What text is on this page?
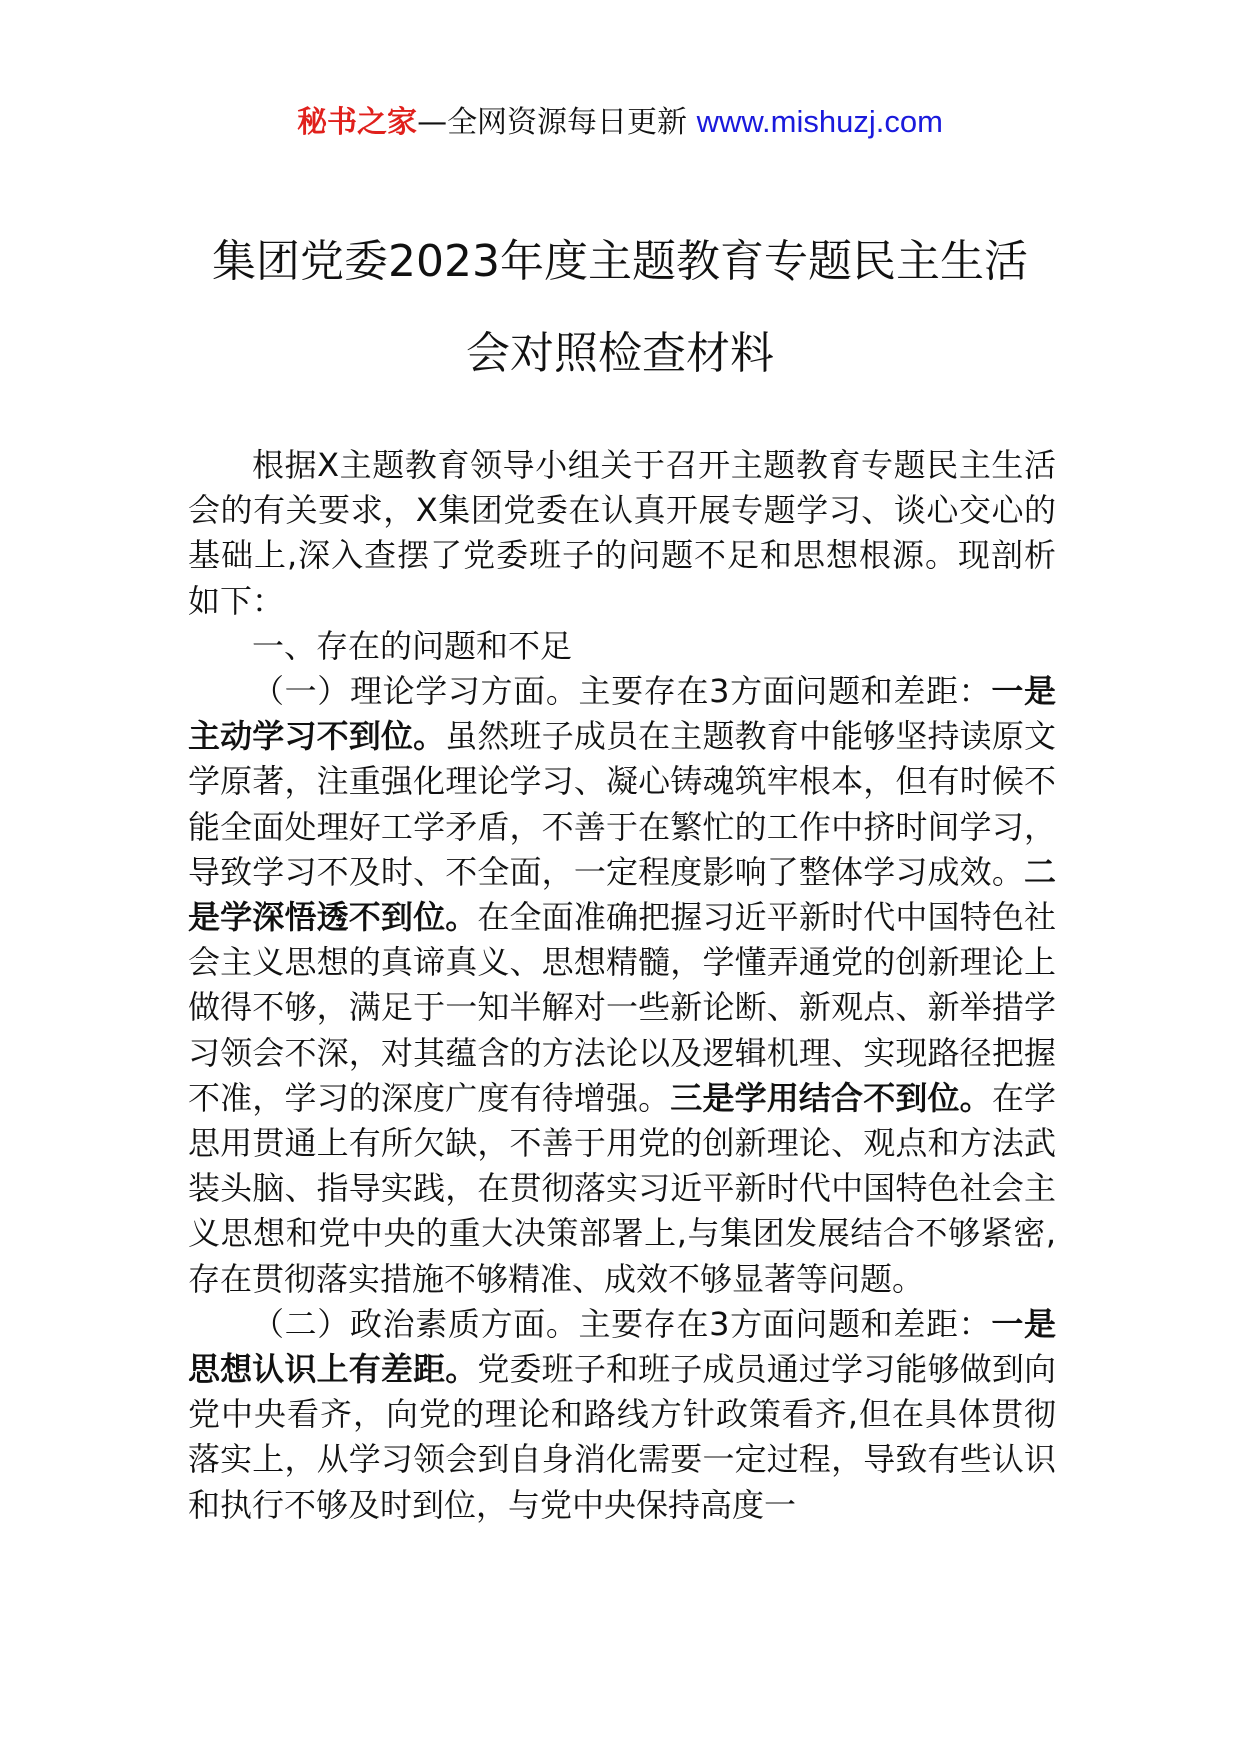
秘书之家—全网资源每日更新 www.mishuzj.com
集团党委2023年度主题教育专题民主生活
会对照检查材料

根据X主题教育领导小组关于召开主题教育专题民主生活会的有关要求，X集团党委在认真开展专题学习、谈心交心的基础上,深入查摆了党委班子的问题不足和思想根源。现剖析如下：

一、存在的问题和不足

（一）理论学习方面。主要存在3方面问题和差距：一是主动学习不到位。虽然班子成员在主题教育中能够坚持读原文学原著，注重强化理论学习、凝心铸魂筑牢根本，但有时候不能全面处理好工学矛盾，不善于在繁忙的工作中挤时间学习，导致学习不及时、不全面，一定程度影响了整体学习成效。二是学深悟透不到位。在全面准确把握习近平新时代中国特色社会主义思想的真谛真义、思想精髓，学懂弄通党的创新理论上做得不够，满足于一知半解对一些新论断、新观点、新举措学习领会不深，对其蕴含的方法论以及逻辑机理、实现路径把握不准，学习的深度广度有待增强。三是学用结合不到位。在学思用贯通上有所欠缺，不善于用党的创新理论、观点和方法武装头脑、指导实践，在贯彻落实习近平新时代中国特色社会主义思想和党中央的重大决策部署上,与集团发展结合不够紧密,存在贯彻落实措施不够精准、成效不够显著等问题。

（二）政治素质方面。主要存在3方面问题和差距：一是思想认识上有差距。党委班子和班子成员通过学习能够做到向党中央看齐，向党的理论和路线方针政策看齐,但在具体贯彻落实上，从学习领会到自身消化需要一定过程，导致有些认识和执行不够及时到位，与党中央保持高度一
